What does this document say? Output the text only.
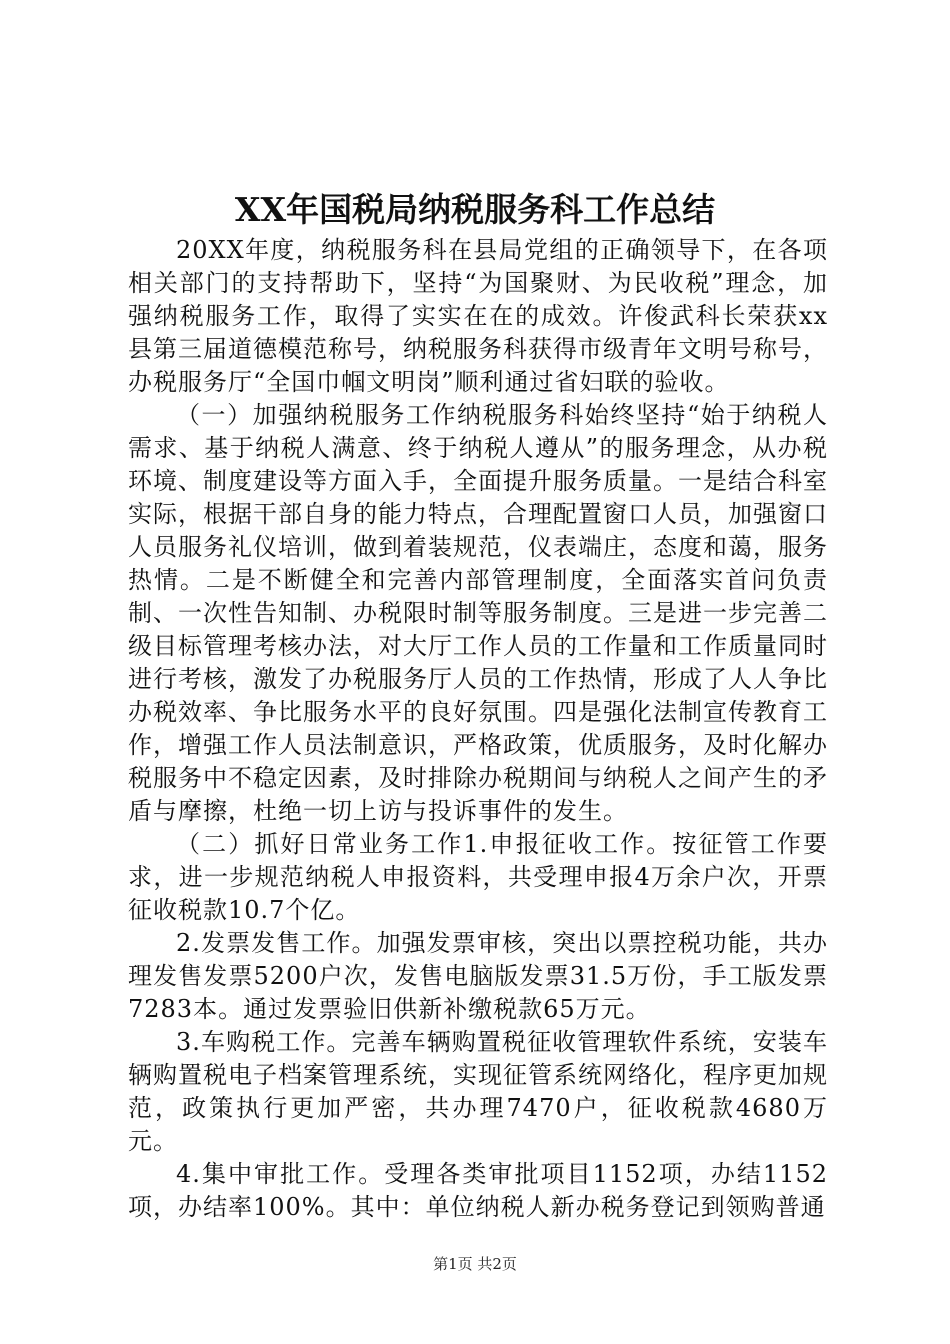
XX年国税局纳税服务科工作总结

20XX年度，纳税服务科在县局党组的正确领导下，在各项相关部门的支持帮助下，坚持“为国聚财、为民收税”理念，加强纳税服务工作，取得了实实在在的成效。许俊武科长荣获xx县第三届道德模范称号，纳税服务科获得市级青年文明号称号，办税服务厅“全国巾帼文明岗”顺利通过省妇联的验收。

（一）加强纳税服务工作纳税服务科始终坚持“始于纳税人需求、基于纳税人满意、终于纳税人遵从”的服务理念，从办税环境、制度建设等方面入手，全面提升服务质量。一是结合科室实际，根据干部自身的能力特点，合理配置窗口人员，加强窗口人员服务礼仪培训，做到着装规范，仪表端庄，态度和蔼，服务热情。二是不断健全和完善内部管理制度，全面落实首问负责制、一次性告知制、办税限时制等服务制度。三是进一步完善二级目标管理考核办法，对大厅工作人员的工作量和工作质量同时进行考核，激发了办税服务厅人员的工作热情，形成了人人争比办税效率、争比服务水平的良好氛围。四是强化法制宣传教育工作，增强工作人员法制意识，严格政策，优质服务，及时化解办税服务中不稳定因素，及时排除办税期间与纳税人之间产生的矛盾与摩擦，杜绝一切上访与投诉事件的发生。

（二）抓好日常业务工作1.申报征收工作。按征管工作要求，进一步规范纳税人申报资料，共受理申报4万余户次，开票征收税款10.7个亿。

2.发票发售工作。加强发票审核，突出以票控税功能，共办理发售发票5200户次，发售电脑版发票31.5万份，手工版发票7283本。通过发票验旧供新补缴税款65万元。

3.车购税工作。完善车辆购置税征收管理软件系统，安装车辆购置税电子档案管理系统，实现征管系统网络化，程序更加规范，政策执行更加严密，共办理7470户，征收税款4680万元。

4.集中审批工作。受理各类审批项目1152项，办结1152项，办结率100%。其中：单位纳税人新办税务登记到领购普通

第1页 共2页
